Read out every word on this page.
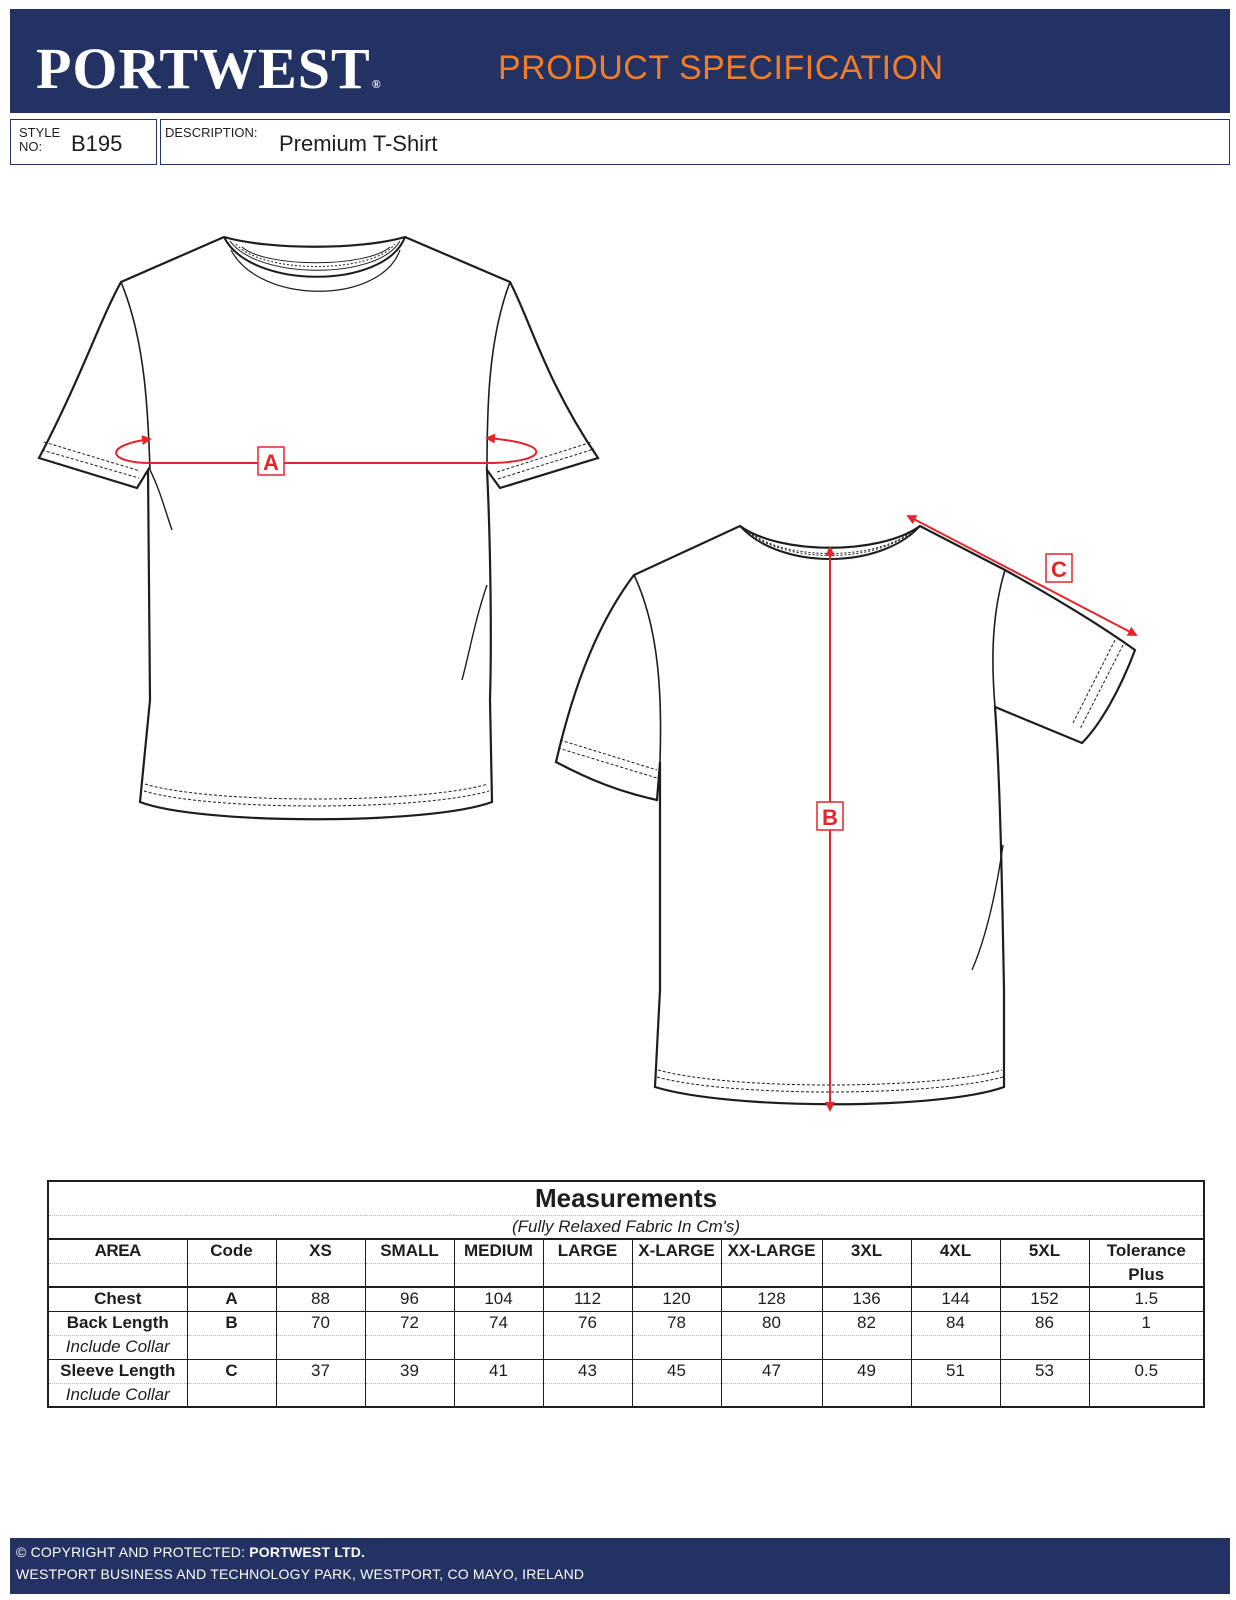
PORTWEST®	PRODUCT SPECIFICATION
STYLE
NO:	B195	DESCRIPTION: Premium T-Shirt
A
B
C
Measurements											
(Fully Relaxed Fabric In Cm's)											
AREA	Code	XS	SMALL	MEDIUM	LARGE	X-LARGE	XX-LARGE	3XL	4XL	5XL	Tolerance
											Plus
Chest	A	88	96	104	112	120	128	136	144	152	1.5
Back Length	B	70	72	74	76	78	80	82	84	86	1
Include Collar											
Sleeve Length	C	37	39	41	43	45	47	49	51	53	0.5
Include Collar											
© COPYRIGHT AND PROTECTED: PORTWEST LTD.
WESTPORT BUSINESS AND TECHNOLOGY PARK, WESTPORT, CO MAYO, IRELAND
